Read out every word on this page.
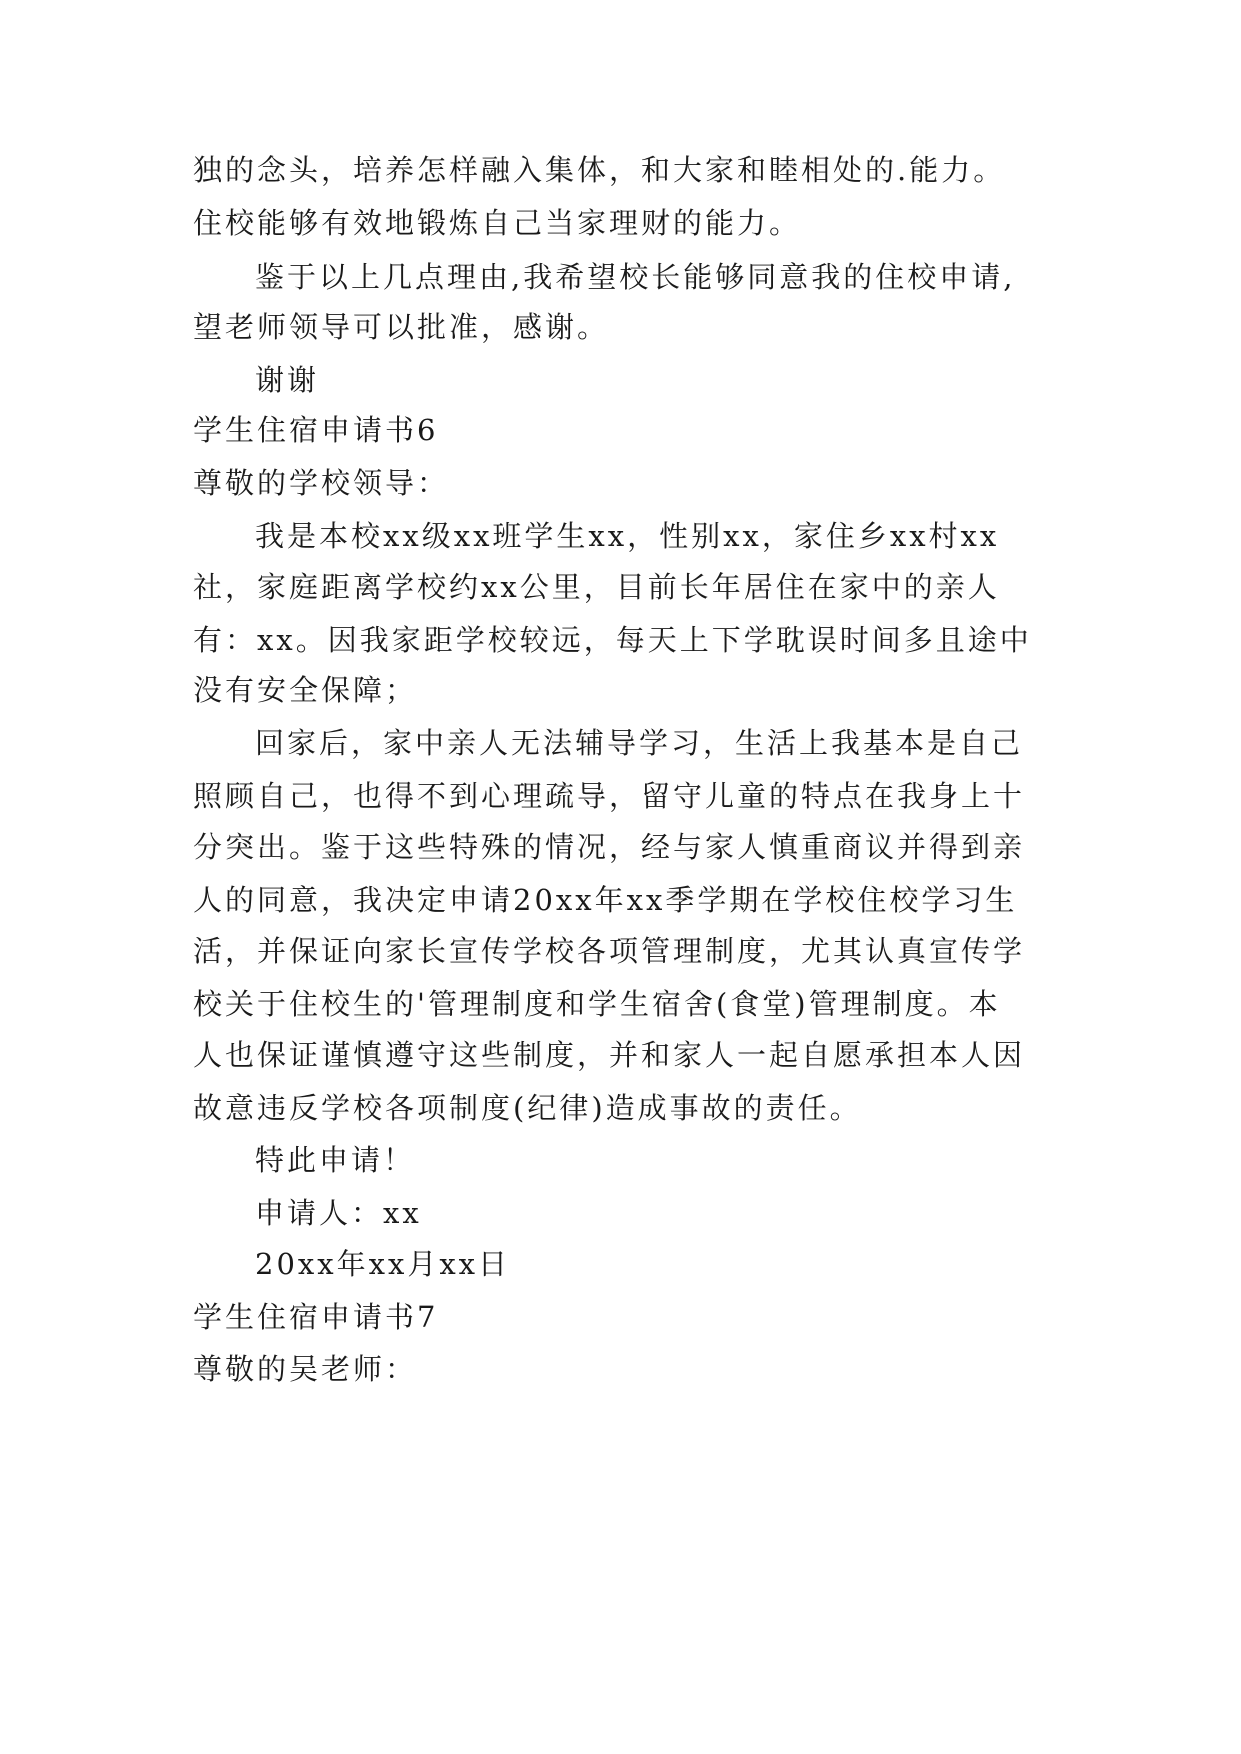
独的念头，培养怎样融入集体，和大家和睦相处的.能力。
住校能够有效地锻炼自己当家理财的能力。
鉴于以上几点理由,我希望校长能够同意我的住校申请,
望老师领导可以批准，感谢。
谢谢
学生住宿申请书6
尊敬的学校领导：
我是本校xx级xx班学生xx，性别xx，家住乡xx村xx
社，家庭距离学校约xx公里，目前长年居住在家中的亲人
有：xx。因我家距学校较远，每天上下学耽误时间多且途中
没有安全保障；
回家后，家中亲人无法辅导学习，生活上我基本是自己
照顾自己，也得不到心理疏导，留守儿童的特点在我身上十
分突出。鉴于这些特殊的情况，经与家人慎重商议并得到亲
人的同意，我决定申请20xx年xx季学期在学校住校学习生
活，并保证向家长宣传学校各项管理制度，尤其认真宣传学
校关于住校生的'管理制度和学生宿舍(食堂)管理制度。本
人也保证谨慎遵守这些制度，并和家人一起自愿承担本人因
故意违反学校各项制度(纪律)造成事故的责任。
特此申请！
申请人：xx
20xx年xx月xx日
学生住宿申请书7
尊敬的吴老师：
